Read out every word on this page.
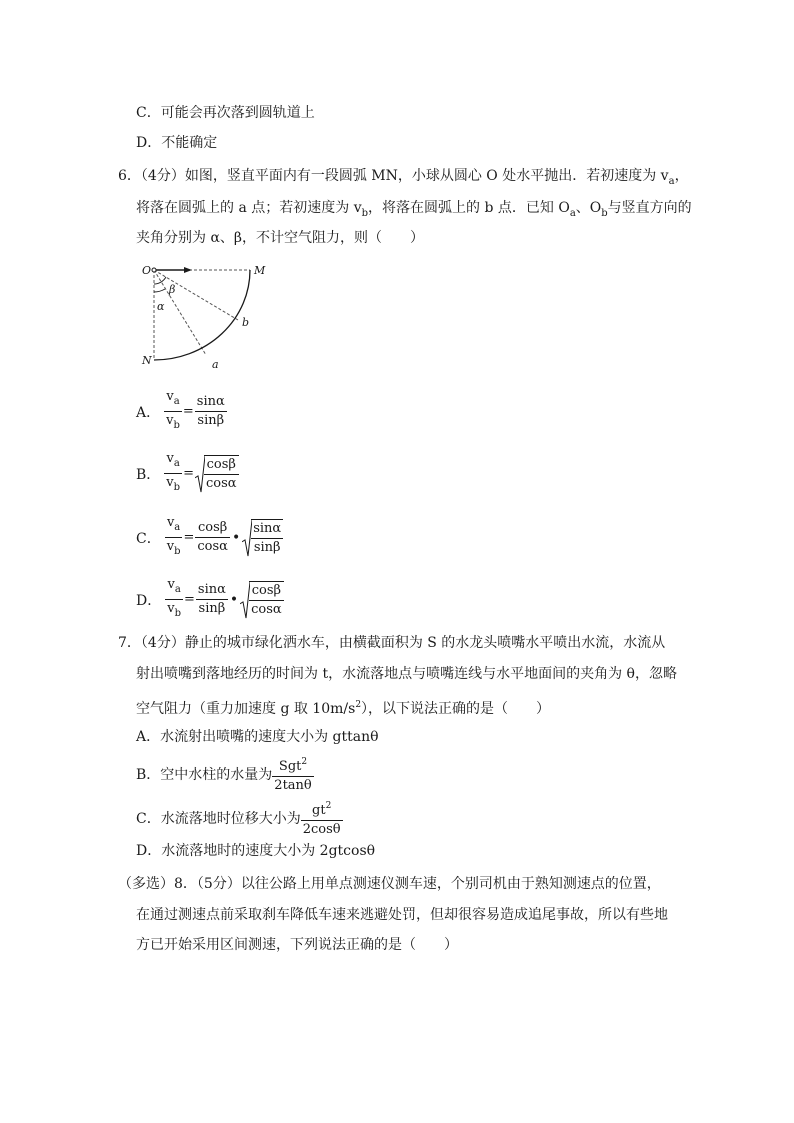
C．可能会再次落到圆轨道上
D．不能确定
6．（4分）如图，竖直平面内有一段圆弧 MN，小球从圆心 O 处水平抛出．若初速度为 $v_a$，
将落在圆弧上的 a 点；若初速度为 $v_b$，将落在圆弧上的 b 点．已知 $O_a$、$O_b$与竖直方向的
夹角分别为 α、β，不计空气阻力，则（　　）
O	M
N
b
a
β
α
A． $\frac{v_a}{v_b} = \frac{\sin\alpha}{\sin\beta}$
B． $\frac{v_a}{v_b} = \frac{\cos\beta}{\cos\alpha}$
C． $\frac{v_a}{v_b} = \frac{\cos\beta}{\cos\alpha}$ • $\frac{\sin\alpha}{\sin\beta}$
D． $\frac{v_a}{v_b} = \frac{\sin\alpha}{\sin\beta}$ • $\frac{\cos\beta}{\cos\alpha}$
7．（4分）静止的城市绿化洒水车，由横截面积为 S 的水龙头喷嘴水平喷出水流，水流从
射出喷嘴到落地经历的时间为 t，水流落地点与喷嘴连线与水平地面间的夹角为 θ，忽略
空气阻力（重力加速度 g 取 $10m/s^2$），以下说法正确的是（　　）
A．水流射出喷嘴的速度大小为 gttanθ
B．空中水柱的水量为 $\frac{Sgt^2}{2\tan\theta}$
C．水流落地时位移大小为 $\frac{gt^2}{2\cos\theta}$
D．水流落地时的速度大小为 2gtcosθ
（多选）8．（5分）以往公路上用单点测速仪测车速，个别司机由于熟知测速点的位置，
在通过测速点前采取刹车降低车速来逃避处罚，但却很容易造成追尾事故，所以有些地
方已开始采用区间测速，下列说法正确的是（　　）
